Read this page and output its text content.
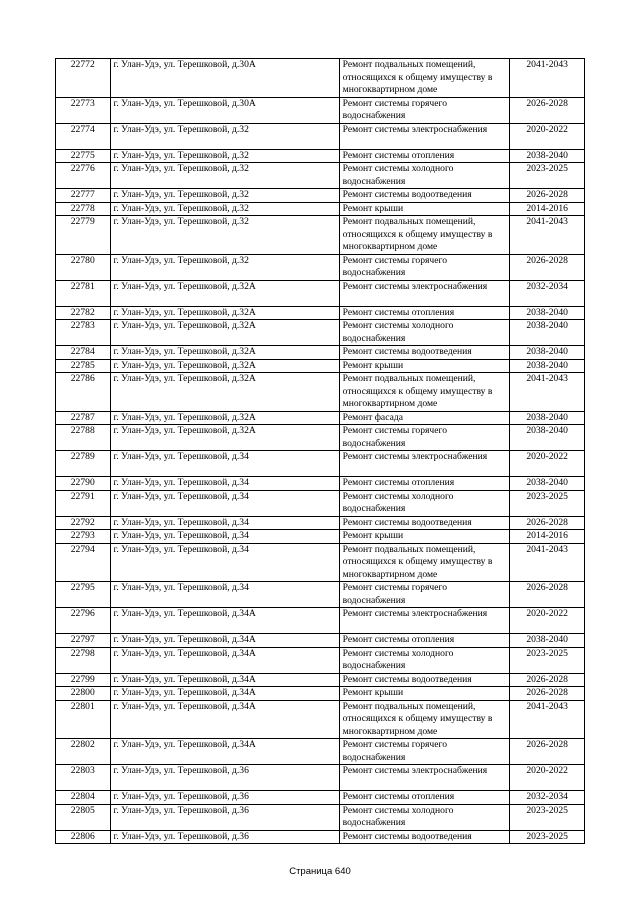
22772	г. Улан-Удэ, ул. Терешковой, д.30А	Ремонт подвальных помещений, относящихся к общему имуществу в многоквартирном доме	2041-2043
22773	г. Улан-Удэ, ул. Терешковой, д.30А	Ремонт системы горячего водоснабжения	2026-2028
22774	г. Улан-Удэ, ул. Терешковой, д.32	Ремонт системы электроснабжения	2020-2022
22775	г. Улан-Удэ, ул. Терешковой, д.32	Ремонт системы отопления	2038-2040
22776	г. Улан-Удэ, ул. Терешковой, д.32	Ремонт системы холодного водоснабжения	2023-2025
22777	г. Улан-Удэ, ул. Терешковой, д.32	Ремонт системы водоотведения	2026-2028
22778	г. Улан-Удэ, ул. Терешковой, д.32	Ремонт крыши	2014-2016
22779	г. Улан-Удэ, ул. Терешковой, д.32	Ремонт подвальных помещений, относящихся к общему имуществу в многоквартирном доме	2041-2043
22780	г. Улан-Удэ, ул. Терешковой, д.32	Ремонт системы горячего водоснабжения	2026-2028
22781	г. Улан-Удэ, ул. Терешковой, д.32А	Ремонт системы электроснабжения	2032-2034
22782	г. Улан-Удэ, ул. Терешковой, д.32А	Ремонт системы отопления	2038-2040
22783	г. Улан-Удэ, ул. Терешковой, д.32А	Ремонт системы холодного водоснабжения	2038-2040
22784	г. Улан-Удэ, ул. Терешковой, д.32А	Ремонт системы водоотведения	2038-2040
22785	г. Улан-Удэ, ул. Терешковой, д.32А	Ремонт крыши	2038-2040
22786	г. Улан-Удэ, ул. Терешковой, д.32А	Ремонт подвальных помещений, относящихся к общему имуществу в многоквартирном доме	2041-2043
22787	г. Улан-Удэ, ул. Терешковой, д.32А	Ремонт фасада	2038-2040
22788	г. Улан-Удэ, ул. Терешковой, д.32А	Ремонт системы горячего водоснабжения	2038-2040
22789	г. Улан-Удэ, ул. Терешковой, д.34	Ремонт системы электроснабжения	2020-2022
22790	г. Улан-Удэ, ул. Терешковой, д.34	Ремонт системы отопления	2038-2040
22791	г. Улан-Удэ, ул. Терешковой, д.34	Ремонт системы холодного водоснабжения	2023-2025
22792	г. Улан-Удэ, ул. Терешковой, д.34	Ремонт системы водоотведения	2026-2028
22793	г. Улан-Удэ, ул. Терешковой, д.34	Ремонт крыши	2014-2016
22794	г. Улан-Удэ, ул. Терешковой, д.34	Ремонт подвальных помещений, относящихся к общему имуществу в многоквартирном доме	2041-2043
22795	г. Улан-Удэ, ул. Терешковой, д.34	Ремонт системы горячего водоснабжения	2026-2028
22796	г. Улан-Удэ, ул. Терешковой, д.34А	Ремонт системы электроснабжения	2020-2022
22797	г. Улан-Удэ, ул. Терешковой, д.34А	Ремонт системы отопления	2038-2040
22798	г. Улан-Удэ, ул. Терешковой, д.34А	Ремонт системы холодного водоснабжения	2023-2025
22799	г. Улан-Удэ, ул. Терешковой, д.34А	Ремонт системы водоотведения	2026-2028
22800	г. Улан-Удэ, ул. Терешковой, д.34А	Ремонт крыши	2026-2028
22801	г. Улан-Удэ, ул. Терешковой, д.34А	Ремонт подвальных помещений, относящихся к общему имуществу в многоквартирном доме	2041-2043
22802	г. Улан-Удэ, ул. Терешковой, д.34А	Ремонт системы горячего водоснабжения	2026-2028
22803	г. Улан-Удэ, ул. Терешковой, д.36	Ремонт системы электроснабжения	2020-2022
22804	г. Улан-Удэ, ул. Терешковой, д.36	Ремонт системы отопления	2032-2034
22805	г. Улан-Удэ, ул. Терешковой, д.36	Ремонт системы холодного водоснабжения	2023-2025
22806	г. Улан-Удэ, ул. Терешковой, д.36	Ремонт системы водоотведения	2023-2025
Страница 640
